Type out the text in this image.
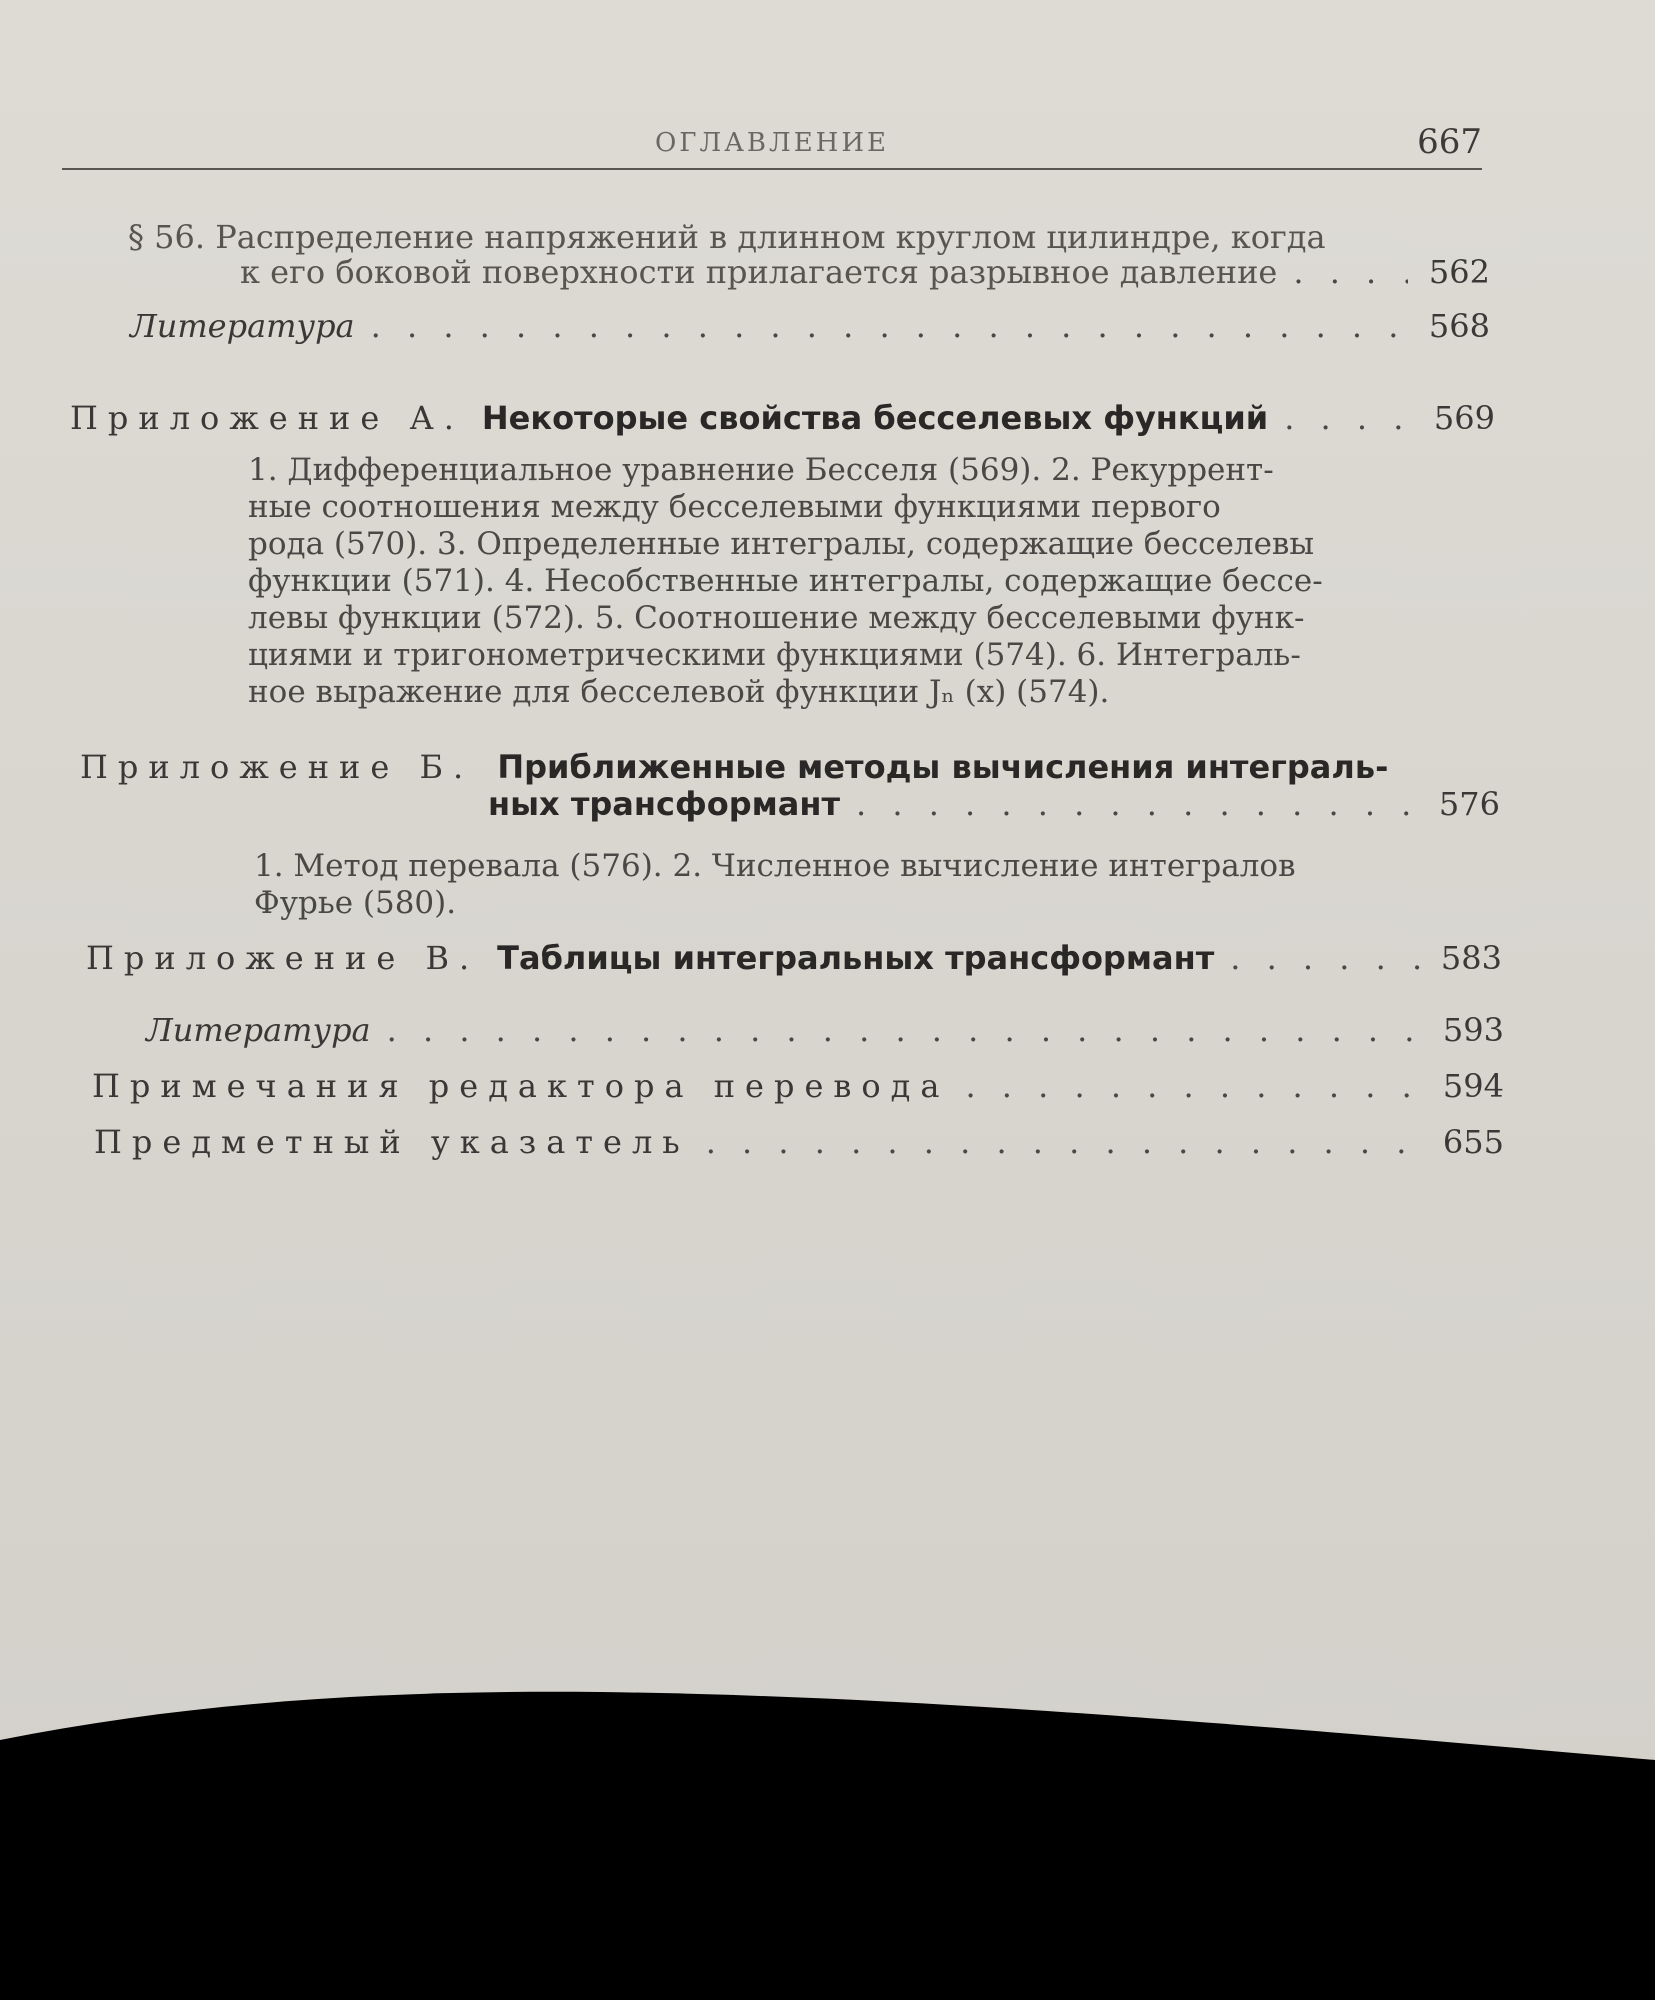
ОГЛАВЛЕНИЕ	667
§ 56. Распределение напряжений в длинном круглом цилиндре, когда
к его боковой поверхности прилагается разрывное давление . . .	562
Литература . . .	568
Приложение А. Некоторые свойства бесселевых функций . . .	569
1. Дифференциальное уравнение Бесселя (569). 2. Рекуррент-
ные соотношения между бесселевыми функциями первого
рода (570). 3. Определенные интегралы, содержащие бесселевы
функции (571). 4. Несобственные интегралы, содержащие бессе-
левы функции (572). 5. Соотношение между бесселевыми функ-
циями и тригонометрическими функциями (574). 6. Интеграль-
ное выражение для бесселевой функции Jₙ (x) (574).
Приложение Б. Приближенные методы вычисления интеграль-
ных трансформант . . .	576
1. Метод перевала (576). 2. Численное вычисление интегралов
Фурье (580).
Приложение В. Таблицы интегральных трансформант . . .	583
Литература . . .	593
Примечания редактора перевода . . .	594
Предметный указатель . . .	655
